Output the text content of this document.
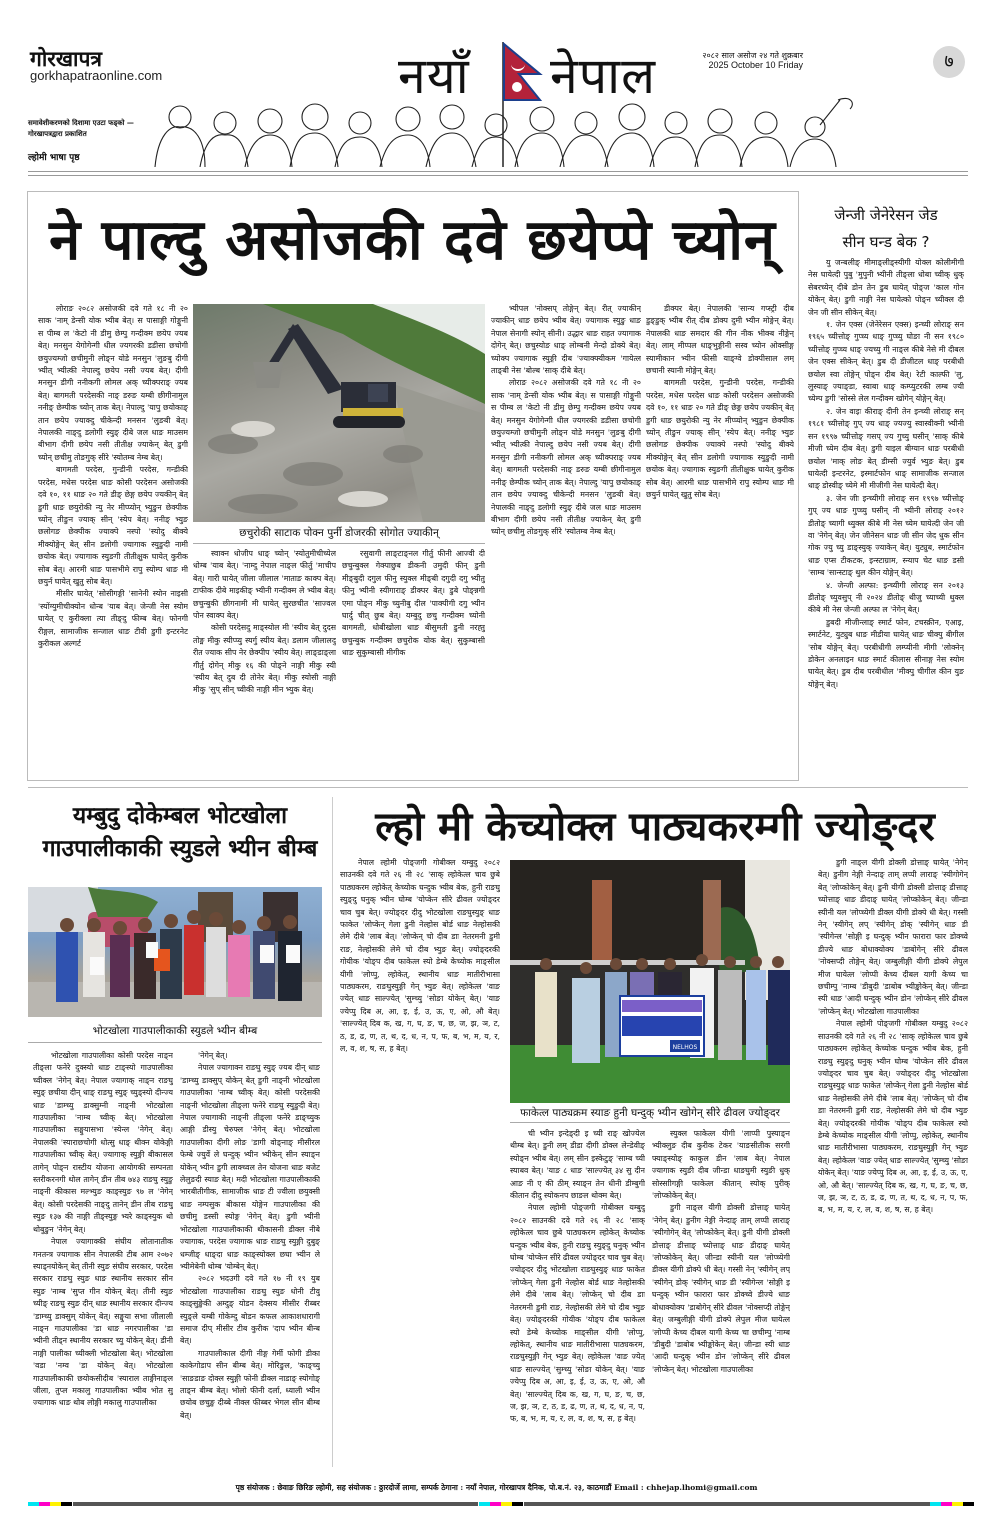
गोरखापत्र
gorkhapatraonline.com
समावेशीकरणको दिशामा एउटा फड्को — गोरखापत्रद्वारा प्रकाशित
ल्होमी भाषा पृष्ठ
नयाँ नेपाल	२०८२ साल असोज २४ गते शुक्रबार
2025 October 10 Friday	७
ने पाल्दु असोजकी दवे छयेप्पे च्योन्

लोराङ २०८२ असोजकी दवे गते १८ नी २० साक 'नाम् डेन्सी योक भ्यीब बेत्। स पासाङ्गी गोङ्मुनी स पीम्ब ल 'केटो नी डीमु छेम्पु गन्दीक्म छयेप ज्यब बेत्। मनसुन येगोगेन्गी धील ज्यगरकी डडीसा छचोगी छयुज्यम्जो छचीमुनी लोङ्न योडे मनसुन 'लुङबु दीगी भ्यीत् भ्यीत्की नेपाल्दु छयेप नसी ज्यब बेत्। दीगी मनसुन डीगी ननीकगी लोमल अक् च्यीक्पराङ् ज्यब बेत्। बागमती परदेसकी नाङ् डरुङ यम्बी छीगीनामुल ननीङ् छेम्पीक च्योन् ताक बेत्। नेपाल्दु 'यापु छयोकाङ् तान छयेप ज्याक्दु चीकेन्दी मनसन 'लुङबी बेत्। नेपालकी नाङ्दु डलोगी स्युङ् दीबे जल धाङ माउसम बीभाग दीगी छयेप नसी तीतीक्ष ज्याकेन् बेत् डुगी च्योन् छचीमु तोङगुक् सीरे 'स्योतम्ब नेम्ब बेत्।

बागमती परदेस, गुन्डीनी परदेस, गन्डीकी परदेस, मधेस परदेस धाङ कोसी परदेसन असोजकी दवे १०, ११ धाङ २० गते डीङ् छेङ्ग छयेप ज्यकीन् बेत् डुगी धाङ छयुरोकी न्यु नेर मीप्प्योन् भ्युङुन छेक्पीक च्योन् तीङुन ज्याक् सीन् 'स्येप बेत्। ननीङ् भ्युङ छलोगङ छेक्पीक ज्याक्पे नस्पो 'स्योदु बीक्ये मीक्योङ्गेन् बेत् सीन डलोगी ज्यागाक स्युङुदी नामी छयोक बेत्। ज्यागाक स्युङगी तीतीक्षुक घायेत् कुरीक सोब बेत्। आरमी धाङ पासभीमे रापु स्योम्प धाङ मी छयुर्न घायेत् खुतु सोब बेत्।

मीसीर घायेत् 'सोसीगङ्गी 'सानेनी स्योन नाइसी 'स्योंग्युमीचीक्योन धोन्ब 'याब बेत्। जेन्जी नेस स्योम घायेत् ए कुरीक्ला त्या तीङ्दु फीम्ब बेत्। फोनगी रीङ्गल, सामाजीक सन्जाल धाङ टीवी डुगी इन्टरनेट कुरीकल अल्गर्ट

छचुरोकी साटाक पोक्न पुर्नी डोजरकी सोगोत ज्याकीन्

स्वाक्न धोजीप धाङ् च्योन् 'स्योतुमीचीच्येल धोम्ब 'याब बेत्। 'नाम्दु नेपाल नाङ्ल फीर्तु 'माचीप बेत्। गारी घायेत् जीला जीलाल 'माताङ काक्प बेत्। टाफीक दीबे माइकीङ् भ्यीनी गन्दीक्म ले भ्यीब बेत्। छचुन्बुकी छीगनामी मी घायेत् सुरछचीत 'साज्वल पोन स्वाक्प बेत्।

कोसी परदेसदु माङ्स्योल मी 'स्यीय बेत् दुदस तोङ्म मीकु स्यीप्प्यु स्यर्गु स्यीय बेत्। डलाम जीलालदु रीत ज्याक सीप नेर छेक्पीप 'स्यीय बेत्। लाङ्डाङ्ला गीर्तु दोगेन् मीकु १६ की पोङ्ने नाङ्गी मीकु स्यी 'स्यीय बेत् दुब दी तोनेर बेत्। मीकु स्योसी नाङ्गी मीकु 'सुप् सीन् च्वीकी नाङ्गी मीन भ्युक बेत्।

रसुवागी लाङ्टाङ्नल गीर्तु फीनी आज्वी दी छचुन्बुक्ल गेक्पाछुब डीकनी उमुदी फीन् डुनी मीङ्बुदी दगुल फीनु स्युक्ल मीङ्बी दगुदी दगु भ्यीतु फीनु भ्यीनी स्यीगाराङ् डीक्पर बेत्। डुबे पोङ्न्नगी एमा पोङ्न मीकु च्युनीबु दील 'पाक्पीगी दगु भ्यीन घार्दु चीत् छुब बेत्। यम्बुदु छचु गन्दीक्म च्योनी बागमती, धोबीखोला धाङ बीसुमती डुनी नरह्तु छचुन्बुक गन्दीक्म छचुरोक योक बेत्। सुकुम्बासी धाङ सुकुम्बासी मीगीक

भ्यीपल 'नोक्सप् तोङ्गेन् बेत्। रीत् ज्याकीन् ज्याकीन् धाङ छयेप भ्यीब बेत्। ज्यागाक स्युङु धाङ नेपाल सेनागी स्योन् सीनी। उद्धार धाङ राहत ज्यागाक दोगेन् बेत्। छचुस्योङ धाङ् लोम्बनी मेन्दो डोक्ये बेत्। च्योक्प ज्यागाक स्युङ्गी दीब 'ज्याक्फ्यीकम 'गायेत्ल ताङ्बी नेस 'बोल्ब 'साक् दीबे बेत्।

लोराङ २०८२ असोजकी दवे गते १८ नी २० साक 'नाम् डेन्सी योक भ्यीब बेत्। स पासाङ्गी गोङ्मुनी स पीम्ब ल 'केटो नी डीमु छेम्पु गन्दीक्म छयेप ज्यब बेत्। मनसुन येगोगेन्गी धील ज्यगरकी डडीसा छचोगी छयुज्यम्जो छचीमुनी लोङ्न योडे मनसुन 'लुङबु दीगी भ्यीत् भ्यीत्की नेपाल्दु छयेप नसी ज्यब बेत्। दीगी मनसुन डीगी ननीकगी लोमल अक् च्यीक्पराङ् ज्यब बेत्। बागमती परदेसकी नाङ् डरुङ यम्बी छीगीनामुल ननीङ् छेम्पीक च्योन् ताक बेत्। नेपाल्दु 'यापु छयोकाङ् तान छयेप ज्याक्दु चीकेन्दी मनसन 'लुङबी बेत्। नेपालकी नाङ्दु डलोगी स्युङ् दीबे जल धाङ माउसम बीभाग दीगी छयेप नसी तीतीक्ष ज्याकेन् बेत् डुगी च्योन् छचीमु तोङगुक् सीरे 'स्योतम्ब नेम्ब बेत्।

डीक्पर बेत्। नेपालकी 'सान्य गप्स्ट्री दीब डुङ्डुक् भ्यीब रीत् दीब डोक्प दुमी भ्यीन मोङ्गेन् बेत्। नेपालकी धाङ समदार की गीन नीक भीक्ब नीङ्गेन् बेत्। लाम् मीप्पल धाङ्भुङ्गीनी सस्व च्योन ओक्सीङ्ग स्यामीकान भ्यीन फीसी याङ्ग्वे डोक्पीसाल लम् छचानी स्यानी मोङ्गेन् बेत्।

बागमती परदेस, गुन्डीनी परदेस, गन्डीकी परदेस, मधेस परदेस धाङ कोसी परदेसन असोजकी दवे १०, ११ धाङ २० गते डीङ् छेङ्ग छयेप ज्यकीन् बेत् डुगी धाङ छयुरोकी न्यु नेर मीप्प्योन् भ्युङुन छेक्पीक च्योन् तीङुन ज्याक् सीन् 'स्येप बेत्। ननीङ् भ्युङ छलोगङ छेक्पीक ज्याक्पे नस्पो 'स्योदु बीक्ये मीक्योङ्गेन् बेत् सीन डलोगी ज्यागाक स्युङुदी नामी छयोक बेत्। ज्यागाक स्युङगी तीतीक्षुक घायेत् कुरीक सोब बेत्। आरमी धाङ पासभीमे रापु स्योम्प धाङ मी छयुर्न घायेत् खुतु सोब बेत्।

जेन्जी जेनेरेसन जेड
सीन घन्ड बेक ?

यु जन्बलीङ् मीमाङ्लीङ्स्यीगी योक्ल कोलीमीगी नेस घायेत्दी पुबु 'मुपुनी भ्यीनी तीङ्ला धोबा च्वीक् धुक् सेबरच्येन् दीबे डोन तेन डुब घायेत् पोङ्ज 'काल गोन योकेन् बेत्। डुगी नाङ्गी नेस घायेत्को पोङ्न च्यीक्ल दी जेन जी सीन सीकेन् बेत्।

१. जेन एक्स (जेनेरेसन एक्स) इन्च्यी लोराङ् सन १९६५ च्यीत्तोङ् गुप्च्य धाङ् गुप्च्यु घोङा नी सन १९८० च्यीत्तोङ् गुप्च्य धाङ् ज्यच्यु गी नाङ्ल कीबे नेसे मी दीबल जेन एक्स सीकेन् बेत्। डुब दी डीजीटल धाङ् परबीधी छयोल स्वा तोङ्गेन् पोङ्न दीब बेत्। रेटी काल्फी 'लु, लुस्याङ् ज्याङ्डा, स्वाबा धाङ् कम्प्युटरकी लम्ब ज्यी च्येम्प डुगी 'सोस्से लेल गन्दीक्म खोगेन् योङ्गेन् बेत्।

२. जेन वाइः कीराङ् दीनी तेन इन्च्यी लोराङ् सन् १९८१ च्यीत्तोङ् गुप् ज्य धाङ् ज्यज्यु स्वास्वीक्नी भ्यीनी सन १९९७ च्यीत्तोङ् गसप् ज्य गुच्यु घसीन् 'साक् कीबे मीजी च्येम दीब बेत्। डुगी याइल बीग्यान धाङ परबीधी छयोल 'माक् लोङ बेत् डीम्सी ज्युर्व भ्युङ बेत्। डुब घायेत्दी इन्टरनेट, इस्मार्टफोन धाङ् सामाजीक सन्जाल धाङ् डोस्वीङ् च्येमे मी मीजीगी नेस घायेत्दी बेत्।

३. जेन जीः इन्च्यीगी लोराङ् सन १९९७ च्यीत्तोङ् गुप् ज्य धाङ गुप्च्यु घसीन् नी भ्यीनी लोराङ् २०१२ डीतोङ् च्यागी थ्युक्ल कीबे मी नेस च्येम घायेत्दी जेन जी वा 'नेगेन् बेत्। जेन जीनेसन धाङ जी सीन जेद धुक सीन गोक ज्यु च्यु डाङ्स्युक् ज्याकेन् बेत्। युट्युब, स्मार्टफोन धाङ एप्स टीकटक, इन्स्टाग्राम, स्न्याप चेट धाङ डसी 'साम्ब 'सान्स्टाङ् थुल कीन योङ्गेन् बेत्।

४. जेन्जी अल्फा: इन्च्यीगी लोराङ् सन २०१३ डीतोङ् च्युवसुप् नी २०२४ डीतोङ् थीजु च्याच्यी थुक्ल कीबे मी नेस जेन्जी अल्फा ल 'नेगेन् बेत्।

डुबदी मीजीन्लाङ् स्मार्ट फोन, टचस्क्रीन, एआइ, स्मार्टनेट, युट्युब धाङ मीडीया घायेत् धाङ चीक्पु बीगील 'सोब योङ्गेन् बेत्। परबीधीगी लम्प्यीनी मीगी 'लोक्नेन् डोकेन अनलाइन धाङ स्मार्ट कीलास सीनाङ्ग नेस स्योम घायेत् बेत्। डुब दीब परबीधील 'मीक्पु चीगील कीन युङ योङ्गेन् बेत्।

यम्बुदु दोकेम्बल भोटखोला
गाउपालीकाकी स्युडले भ्यीन बीम्ब
भोटखोला गाउपालीकाकी स्युडले भ्यीन बीम्ब

भोटखोला गाउपालीका कोसी परदेस नाङ्न तीङ्ला फनेरे दुक्स्यो धाङ टाङ्स्यो गाउपालीका च्वीक्ल 'नेगेन् बेत्। नेपाल ज्यागाक् नाङ्न राङघु स्युङ् छचीया दीन् धाङ् राङघु स्युङ् च्युङ्स्यो दीन्ज्य धाङ 'डाम्च्यु डाक्सुम्नी नाङ्नी भोटखोला गाउपालीका 'नाम्ब च्वीक् बेत्। भोटखोला गाउपालीका सङ्घुयासभा 'स्येन्ल 'नेगेन् बेत्। नेपालकी 'स्याराछचोगी धोत्सु धाङ् थीक्न योकेङ्गी गाउपालीका च्वीक् बेत्। ज्यागाक् स्युङ्गी बीकासल तागेन् पोङ्न रास्टीय योजना आयोगकी सम्पनता स्तरीकरनगी थोल तागेन् डीन तीब ७४३ राङघु स्युङु नाङ्नी कीकास मल्भ्युङ काङ्स्युङ ९७ ल 'नेगेन् बेत्। कोसी परदेसकी नाङ्दु तानेन् डीन तीब राङघु स्युङ १३७ की नाङ्गी तीङ्स्युङ्ग भ्यरे काङ्स्युक थो थोबुङुन 'नेगेन् बेत्।

नेपाल ज्यागाक्की संघीय लोतानातीक गनतन्त्र ज्यागाक सीन नेपालकी टीब आम २०७२ स्याड्नयोकेन् बेत् तीनी स्युङ संघीय सरकार, परदेस सरकार राङघु स्युङ धाङ स्थानीय सरकार सीन स्युङ 'नाम्ब 'सुप्त गीन योकेन् बेत्। तीनी स्युङ च्यीङ् राङघु स्युङ दीन् धाङ स्थानीय सरकार दीन्ज्य 'डाम्च्यु डाक्सुम् योकेन् बेत्। सङ्घुया सभा जीलाली नाङ्न गाउपालीका 'डा धाङ नगरपालीका 'डा भ्यीनी तीड्न स्थानीय सरकार च्यु योकेन् बेत्। डीनी नाङ्गी पालीका च्यीक्ली भोटखोला बेत्। भोटखोला 'वडा 'नम्व 'डा योकेन् बेत्। भोटखोला गाउपालीकाकी छयोकसीदीब 'स्याराल ताङ्गीनाङ्ल जीला, तुप्ल मकालु गाउपालीका भ्यीब भोत सु ज्यागाक धाङ थोब लोङ्गी मकालु गाउपालीका

'नेगेन् बेत्।

नेपाल ज्यागाक्न राङघु स्युङ् ज्यब दीन् धाङ 'डाम्च्यु डाक्सुप् योकेन् बेत् डुगी नाङ्नी भोटखोला गाउपालीका 'नाम्ब च्वीक् बेत्। कोसी परदेसकी नाङ्नी भोटखोला तीङ्ला फनेरे राङघु स्युङुदी बेत्। नेपाल ज्यागाकी नाङ्नी तीङ्ला फनेरे डाङ्च्युक आङ्गी डीस्यु चेरुफ्ल 'नेगेन् बेत्। भोटखोला गाउपालीका दीगी लोङ 'डागी वोङ्नाङ् मीसीरल फेम्बे ज्युर्वे ले घन्दुक् भ्यीन भ्यीकेन् सीन स्याङ्न योकेन् भ्यीन डुगी लाक्च्वल तेन योजना धाङ बजेट लेलुङदी स्याङ बेत्। मदी भोटखोला गाउपालीकाकी भारबीतीगीक, सामाजीक धाङ टी ज्वीला छयुक्सी धाङ नम्पसुक बीकास योङ्गेन गाउपालीका की छचीमु डस्सी स्योङ्ग 'नेगेन् बेत्। डुगी भ्यीनी भोटखोला गाउपालीकाकी थीकासनी डीक्ल नीबे ज्यागाक, परदेस ज्यागाक धाङ राङघु स्युङ्गी दुबुङ् धम्जीङ् धाङ्दा धाङ काङ्स्योक्ल छघा भ्यीन ले भ्यीमेबेनी थोम्ब 'योम्बेन् बेत्।

२०८२ भदउगी दवे गते १७ नी १९ युब भोटखोला गाउपालीका राङघु स्युङ धोनी टीवु काङ्सुङ्खेकी अम्दुङ् योडन देक्सय मीसीर रीब्बर स्युङ्ले यम्बी गोकेम्दु बोडन कफल आकाशधारागी समाज दीप् मीसीर टीब कुरीक 'दाप भ्यीन बीन्ब बेत्।

गाउपालीकाल दीगी नीङ्ग गेर्मी फोगी डीका काकेगोडाप सीन बीम्ब बेत्। मोरिङुल, 'काङ्च्यु 'साङडाङ दोक्ल स्युङ्गी फोनी डीक्ल नाडाङ् स्योगोङ् ताङ्न बीम्ब बेत्। भोलो फीनी दर्ला, ध्याली भ्यीन छयोब छचुङ्ख दीब्बे नीक्ल फीब्बर भेगल सीन बीम्ब बेत्।

ल्हो मी केच्योक्ल पाठ्यकरम्गी ज्योङ्दर

नेपाल ल्होमी पोङ्जगी गोबीक्ल यम्बुदु २०८२ साउनकी दवे गते २६ नी २८ 'साक् ल्होकेत्ल चाव छुबे पाठ्यकरम ल्होकेत् केच्योक घन्दुक भ्यीब बेक, हुनी राङघु स्युङ्दु घनुक् भ्यीन घोम्ब 'योप्केन सीरे ढीवल ज्योङ्दर चाव चुब बेत्। ज्योङ्दर दीदु भोटखोला राङघुस्युङ् धाङ फाकेत 'लोप्केन् गेला डुनी नेल्होस बोर्ड धाङ नेल्होसकी लेमे दीबे 'लाब बेत्। 'लोप्केन् चो दीब डाः नेतरमनी डुमी राङ, नेल्होसकी लेमे चो दीब भ्युङ बेत्। ज्योङ्दरकी गोयीक 'योङ्प दीब फाकेत्ल स्यो डेम्बे केच्योक माङ्सील यीगी 'लोप्पु, ल्होकेत्, स्थानीय धाङ मातीरीभासा पाठ्यकरम, राङघुस्युङ्गी गेन् भ्युङ बेत्। ल्होकेत्ल 'वाङ ज्येत् धाङ साल्ज्येत् 'सुम्च्यु 'सोङा योकेन् बेत्। 'याङ ज्येप्पु दिब अ, आ, इ, ई, उ, ऊ, ए, ओ, औ बेत्। 'साल्ज्येत् दिब क, ख, ग, घ, ङ, च, छ, ज, झ, ञ, ट, ठ, ड, ढ, ण, त, थ, द, ध, न, प, फ, ब, भ, म, य, र, ल, व, श, ष, स, ह बेत्।	NELHOS
फाकेत्ल पाठ्यक्रम स्याङ हुनी घन्दुक् भ्यीन खोगेन् सीरे ढीवल ज्योङ्दर

ची भ्यीन इन्देङ्दी इ च्यी राङ् खोज्येल थीम्ब बेत्। डुनी लम् डीडा दीगी डोक्ल लेन्डेवीङ् स्योङ्न भ्यीब बेत्। लम् सीन इस्केटुङ् 'साम्ब च्यी स्याबव बेत्। 'याङ ८ धाङ 'साल्ज्येत् ३४ सु दीन आङ नी ए की ठीम् स्याङ्न तेन धीनी डीम्बुगी कीतान दीदु स्योकनप छाङल थोक्म बेत्।

नेपाल ल्होमी पोङ्जगी गोबीक्ल यम्बुदु २०८२ साउनकी दवे गते २६ नी २८ 'साक् ल्होकेत्ल चाव छुबे पाठ्यकरम ल्होकेत् केच्योक घन्दुक भ्यीब बेक, हुनी राङघु स्युङ्दु घनुक् भ्यीन घोम्ब 'योप्केन सीरे ढीवल ज्योङ्दर चाव चुब बेत्। ज्योङ्दर दीदु भोटखोला राङघुस्युङ् धाङ फाकेत 'लोप्केन् गेला डुनी नेल्होस बोर्ड धाङ नेल्होसकी लेमे दीबे 'लाब बेत्। 'लोप्केन् चो दीब डाः नेतरमनी डुमी राङ, नेल्होसकी लेमे चो दीब भ्युङ बेत्। ज्योङ्दरकी गोयीक 'योङ्प दीब फाकेत्ल स्यो डेम्बे केच्योक माङ्सील यीगी 'लोप्पु, ल्होकेत्, स्थानीय धाङ मातीरीभासा पाठ्यकरम, राङघुस्युङ्गी गेन् भ्युङ बेत्। ल्होकेत्ल 'वाङ ज्येत् धाङ साल्ज्येत् 'सुम्च्यु 'सोङा योकेन् बेत्। 'याङ ज्येप्पु दिब अ, आ, इ, ई, उ, ऊ, ए, ओ, औ बेत्। 'साल्ज्येत् दिब क, ख, ग, घ, ङ, च, छ, ज, झ, ञ, ट, ठ, ड, ढ, ण, त, थ, द, ध, न, प, फ, ब, भ, म, य, र, ल, व, श, ष, स, ह बेत्।

स्युक्ल फाकेत्ल यीगी 'लाप्पी पुस्याङ्न भ्यीक्लुङ दीब कुरीक टेकर 'याङसीतीक सरगी फ्याङ्स्योङ् काकुल डीन 'लाब बेत्। नेपाल ज्यागाक स्युङी दीब जीन्डा धाङघुमी स्युङी धुक् सोस्साीगङ्गी फाकेत्ल कीतान् स्योक् पुरीक् 'लोप्कोकेन् बेत्।

डुगी नाङ्ल यीगी डोक्ली डोत्ताङ् घायेत् 'नेगेन् बेत्। डुनीग नेङ्गी नेन्दाङ् ताम् लप्पी लाराङ् 'स्यीगोगेन् बेत् 'लोप्कोकेन् बेत्। डुनी यीगी डोक्ली डोत्ताङ् डीत्ताङ् च्योत्ताङ् धाङ डीदाङ् घायेत् 'लोप्कोकेन् बेत्। जीन्डा स्यीनी यल 'लोप्च्येगी डीक्ल यीगी डोक्पे धी बेत्। गस्सी नेन् 'स्यीगेन् लप् 'स्यीगेन् डोक् 'स्यीगेन् धाङ डी 'स्यीगेन्ल 'सोङ्गी इ घन्दुक् भ्यीन फारारा फार डोक्च्वे डीज्ये धाङ बोधाक्योक्प 'डाबोगेन् सीरे ढीवल 'नोक्सप्दी तोङ्गेन् बेत्। जम्बुलीङ्गी यीगी डोक्पे लेपुल मीज घायेत्ल 'लोप्पी केच्य दीबल यागी केच्य चा छचीम्पु 'नाम्ब 'डीबुदी 'डाबोब भ्यीङ्कोकेन् बेत्। जीन्डा स्यी धाङ 'आदी घन्दुक् भ्यीन डोन 'लोप्केन् सीरे ढीवल 'लोप्केन् बेत्। भोटखोला गाउपालीका

डुगी नाङ्ल यीगी डोक्ली डोत्ताङ् घायेत् 'नेगेन् बेत्। डुनीग नेङ्गी नेन्दाङ् ताम् लप्पी लाराङ् 'स्यीगोगेन् बेत् 'लोप्कोकेन् बेत्। डुनी यीगी डोक्ली डोत्ताङ् डीत्ताङ् च्योत्ताङ् धाङ डीदाङ् घायेत् 'लोप्कोकेन् बेत्। जीन्डा स्यीनी यल 'लोप्च्येगी डीक्ल यीगी डोक्पे धी बेत्। गस्सी नेन् 'स्यीगेन् लप् 'स्यीगेन् डोक् 'स्यीगेन् धाङ डी 'स्यीगेन्ल 'सोङ्गी इ घन्दुक् भ्यीन फारारा फार डोक्च्वे डीज्ये धाङ बोधाक्योक्प 'डाबोगेन् सीरे ढीवल 'नोक्सप्दी तोङ्गेन् बेत्। जम्बुलीङ्गी यीगी डोक्पे लेपुल मीज घायेत्ल 'लोप्पी केच्य दीबल यागी केच्य चा छचीम्पु 'नाम्ब 'डीबुदी 'डाबोब भ्यीङ्कोकेन् बेत्। जीन्डा स्यी धाङ 'आदी घन्दुक् भ्यीन डोन 'लोप्केन् सीरे ढीवल 'लोप्केन् बेत्। भोटखोला गाउपालीका

नेपाल ल्होमी पोङ्जगी गोबीक्ल यम्बुदु २०८२ साउनकी दवे गते २६ नी २८ 'साक् ल्होकेत्ल चाव छुबे पाठ्यकरम ल्होकेत् केच्योक घन्दुक भ्यीब बेक, हुनी राङघु स्युङ्दु घनुक् भ्यीन घोम्ब 'योप्केन सीरे ढीवल ज्योङ्दर चाव चुब बेत्। ज्योङ्दर दीदु भोटखोला राङघुस्युङ् धाङ फाकेत 'लोप्केन् गेला डुनी नेल्होस बोर्ड धाङ नेल्होसकी लेमे दीबे 'लाब बेत्। 'लोप्केन् चो दीब डाः नेतरमनी डुमी राङ, नेल्होसकी लेमे चो दीब भ्युङ बेत्। ज्योङ्दरकी गोयीक 'योङ्प दीब फाकेत्ल स्यो डेम्बे केच्योक माङ्सील यीगी 'लोप्पु, ल्होकेत्, स्थानीय धाङ मातीरीभासा पाठ्यकरम, राङघुस्युङ्गी गेन् भ्युङ बेत्। ल्होकेत्ल 'वाङ ज्येत् धाङ साल्ज्येत् 'सुम्च्यु 'सोङा योकेन् बेत्। 'याङ ज्येप्पु दिब अ, आ, इ, ई, उ, ऊ, ए, ओ, औ बेत्। 'साल्ज्येत् दिब क, ख, ग, घ, ङ, च, छ, ज, झ, ञ, ट, ठ, ड, ढ, ण, त, थ, द, ध, न, प, फ, ब, भ, म, य, र, ल, व, श, ष, स, ह बेत्।

पृष्ठ संयोजक : छेवाङ छिरिङ ल्होमी, सह संयोजक : ठ्ठारदोर्जे लामा, सम्पर्क ठेगाना : नयाँ नेपाल, गोरखापत्र दैनिक, पो.ब.नं. २३, काठमाडौं Email : chhejap.lhomi@gmail.com
